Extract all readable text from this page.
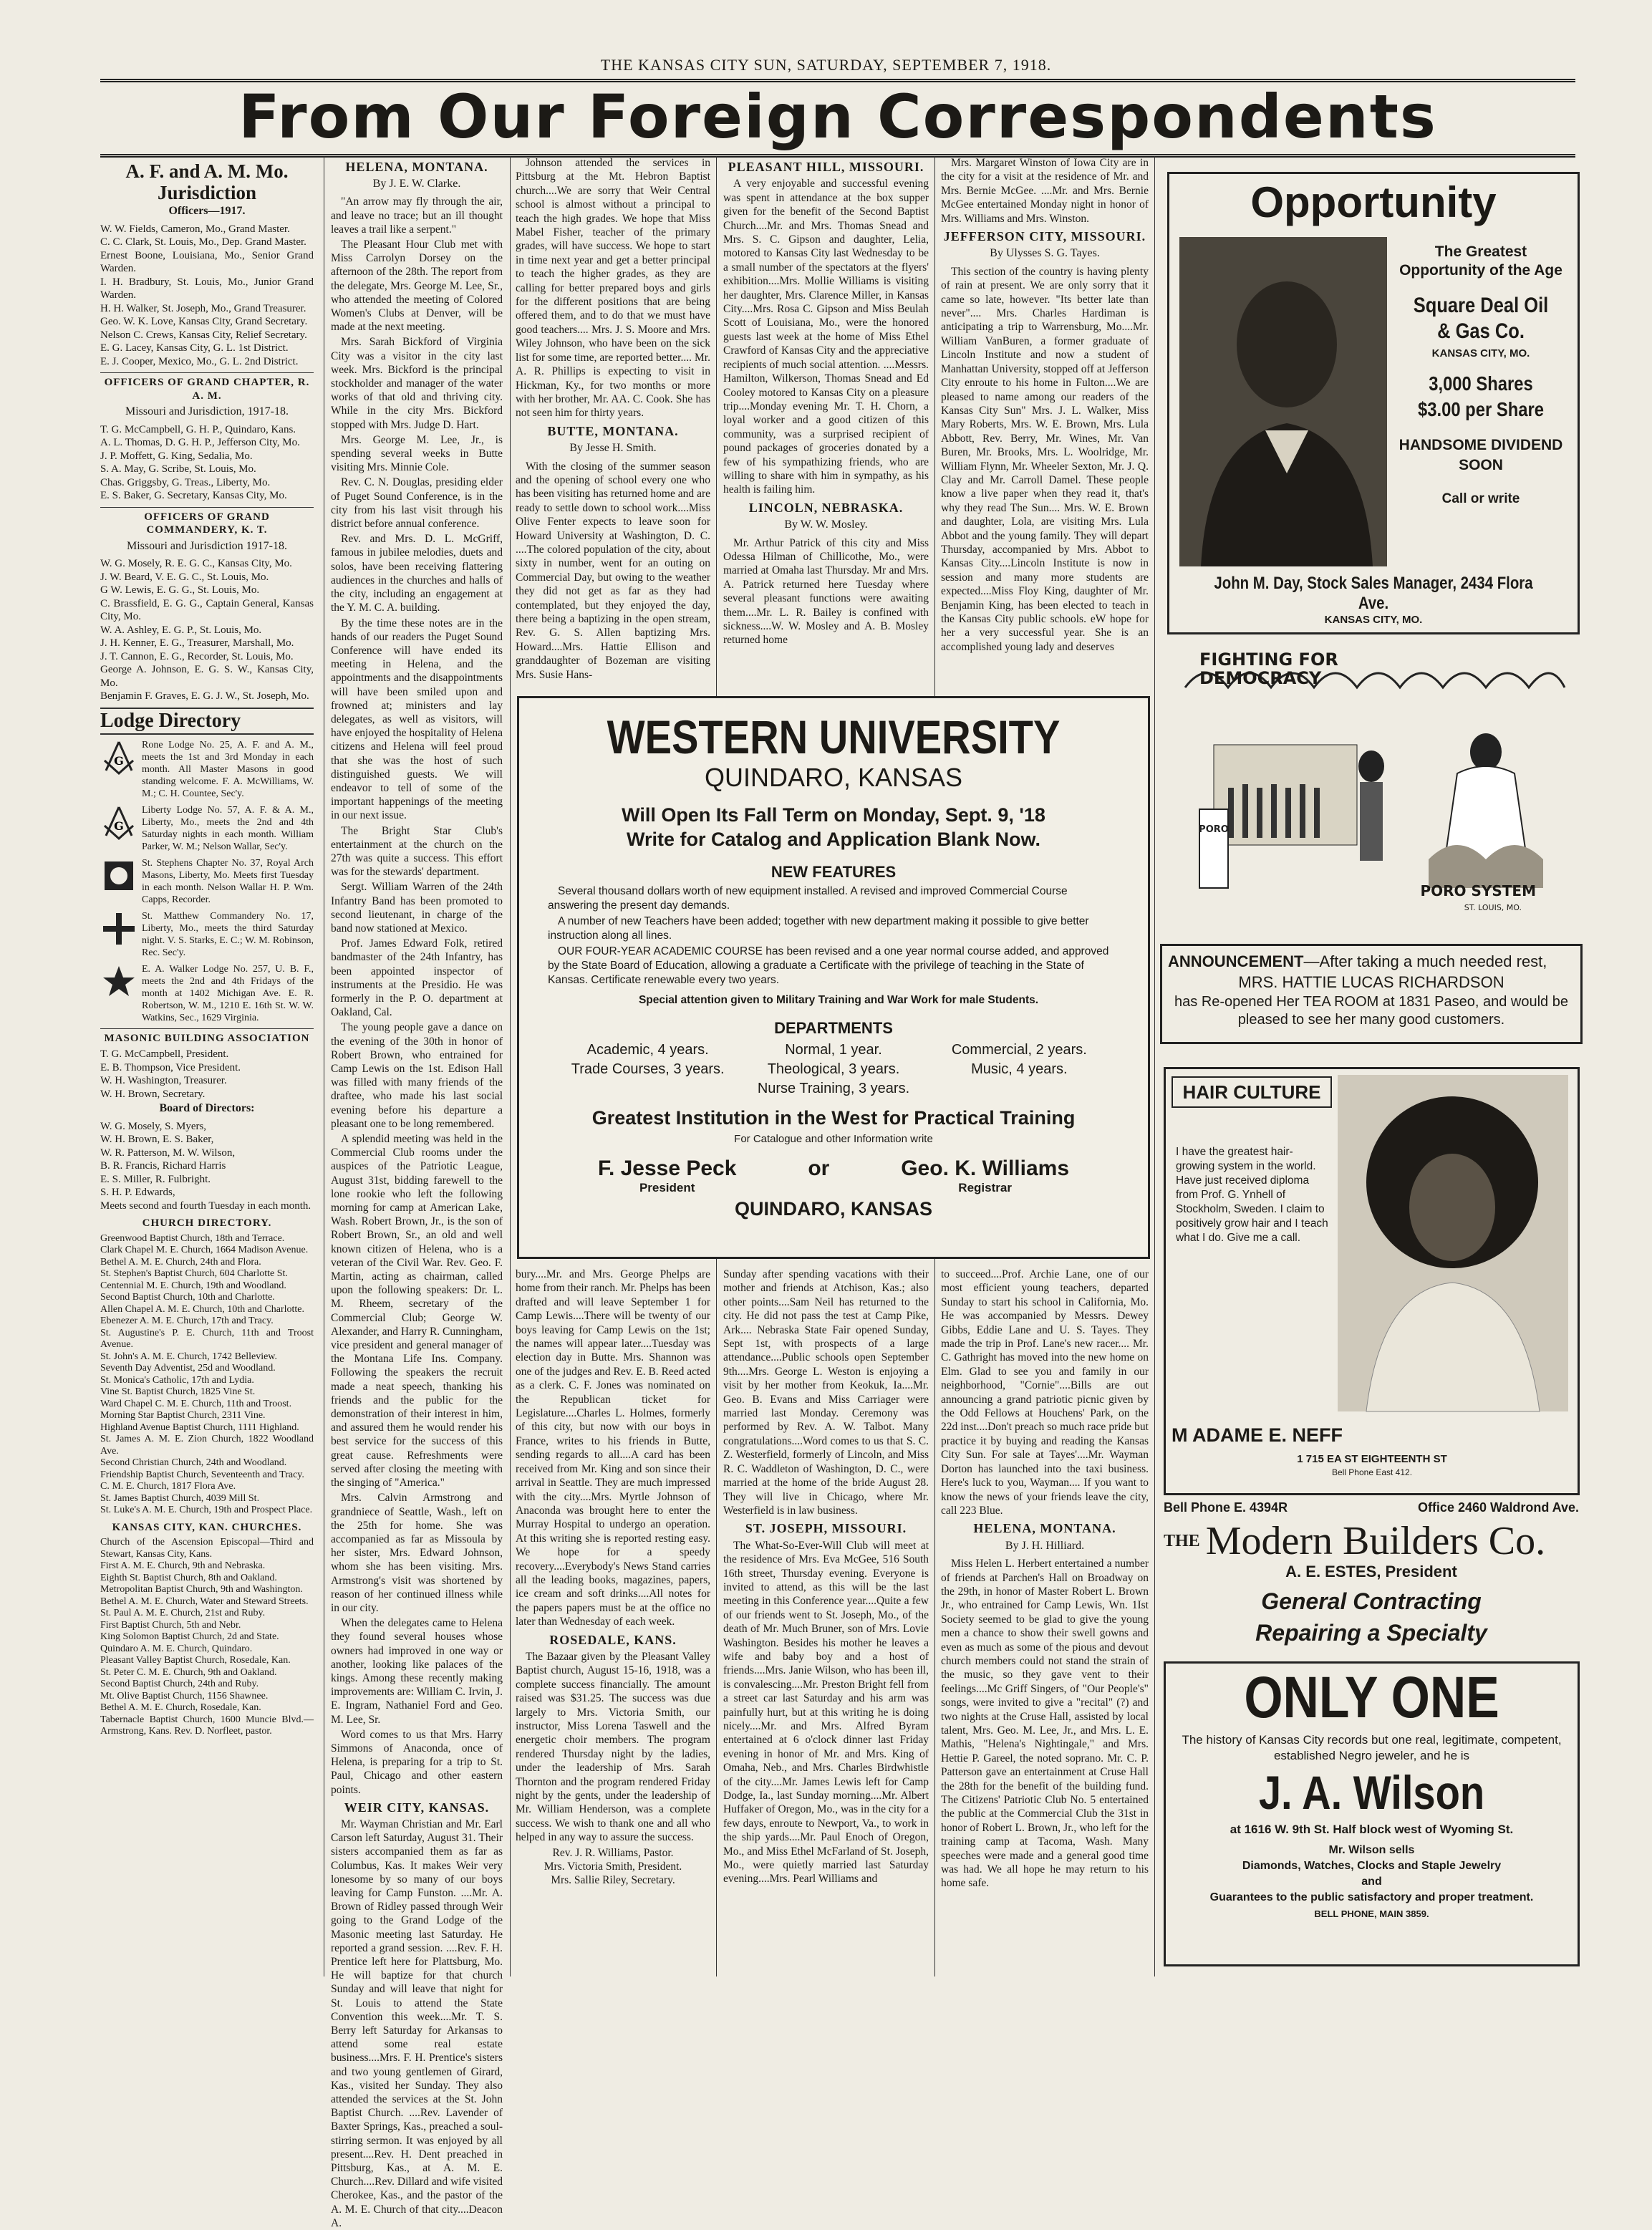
THE KANSAS CITY SUN, SATURDAY, SEPTEMBER 7, 1918.
From Our Foreign Correspondents
A. F. and A. M. Mo. Jurisdiction
Officers—1917.
W. W. Fields, Cameron, Mo., Grand Master.
C. C. Clark, St. Louis, Mo., Dep. Grand Master.
Ernest Boone, Louisiana, Mo., Senior Grand Warden.
I. H. Bradbury, St. Louis, Mo., Junior Grand Warden.
H. H. Walker, St. Joseph, Mo., Grand Treasurer.
Geo. W. K. Love, Kansas City, Grand Secretary.
Nelson C. Crews, Kansas City, Relief Secretary.
E. G. Lacey, Kansas City, G. L. 1st District.
E. J. Cooper, Mexico, Mo., G. L. 2nd District.
OFFICERS OF GRAND CHAPTER, R. A. M.
Missouri and Jurisdiction, 1917-18.
T. G. McCampbell, G. H. P., Quindaro, Kans.
A. L. Thomas, D. G. H. P., Jefferson City, Mo.
J. P. Moffett, G. King, Sedalia, Mo.
S. A. May, G. Scribe, St. Louis, Mo.
Chas. Griggsby, G. Treas., Liberty, Mo.
E. S. Baker, G. Secretary, Kansas City, Mo.
OFFICERS OF GRAND COMMANDERY, K. T.
Missouri and Jurisdiction 1917-18.
W. G. Mosely, R. E. G. C., Kansas City, Mo.
J. W. Beard, V. E. G. C., St. Louis, Mo.
G W. Lewis, E. G. G., St. Louis, Mo.
C. Brassfield, E. G. G., Captain General, Kansas City, Mo.
W. A. Ashley, E. G. P., St. Louis, Mo.
J. H. Kenner, E. G., Treasurer, Marshall, Mo.
J. T. Cannon, E. G., Recorder, St. Louis, Mo.
George A. Johnson, E. G. S. W., Kansas City, Mo.
Benjamin F. Graves, E. G. J. W., St. Joseph, Mo.
Lodge Directory
G
Rone Lodge No. 25, A. F. and A. M., meets the 1st and 3rd Monday in each month. All Master Masons in good standing welcome. F. A. McWilliams, W. M.; C. H. Countee, Sec'y.
G
Liberty Lodge No. 57, A. F. & A. M., Liberty, Mo., meets the 2nd and 4th Saturday nights in each month. William Parker, W. M.; Nelson Wallar, Sec'y.
St. Stephens Chapter No. 37, Royal Arch Masons, Liberty, Mo. Meets first Tuesday in each month. Nelson Wallar H. P. Wm. Capps, Recorder.
St. Matthew Commandery No. 17, Liberty, Mo., meets the third Saturday night. V. S. Starks, E. C.; W. M. Robinson, Rec. Sec'y.
E. A. Walker Lodge No. 257, U. B. F., meets the 2nd and 4th Fridays of the month at 1402 Michigan Ave. E. R. Robertson, W. M., 1210 E. 16th St. W. W. Watkins, Sec., 1629 Virginia.
MASONIC BUILDING ASSOCIATION
T. G. McCampbell, President.
E. B. Thompson, Vice President.
W. H. Washington, Treasurer.
W. H. Brown, Secretary.
Board of Directors:
W. G. Mosely, S. Myers,
W. H. Brown, E. S. Baker,
W. R. Patterson, M. W. Wilson,
B. R. Francis, Richard Harris
E. S. Miller, R. Fulbright.
S. H. P. Edwards,
Meets second and fourth Tuesday in each month.
CHURCH DIRECTORY.
Greenwood Baptist Church, 18th and Terrace.
Clark Chapel M. E. Church, 1664 Madison Avenue.
Bethel A. M. E. Church, 24th and Flora.
St. Stephen's Baptist Church, 604 Charlotte St.
Centennial M. E. Church, 19th and Woodland.
Second Baptist Church, 10th and Charlotte.
Allen Chapel A. M. E. Church, 10th and Charlotte.
Ebenezer A. M. E. Church, 17th and Tracy.
St. Augustine's P. E. Church, 11th and Troost Avenue.
St. John's A. M. E. Church, 1742 Belleview.
Seventh Day Adventist, 25d and Woodland.
St. Monica's Catholic, 17th and Lydia.
Vine St. Baptist Church, 1825 Vine St.
Ward Chapel C. M. E. Church, 11th and Troost.
Morning Star Baptist Church, 2311 Vine.
Highland Avenue Baptist Church, 1111 Highland.
St. James A. M. E. Zion Church, 1822 Woodland Ave.
Second Christian Church, 24th and Woodland.
Friendship Baptist Church, Seventeenth and Tracy.
C. M. E. Church, 1817 Flora Ave.
St. James Baptist Church, 4039 Mill St.
St. Luke's A. M. E. Church, 19th and Prospect Place.
KANSAS CITY, KAN. CHURCHES.
Church of the Ascension Episcopal—Third and Stewart, Kansas City, Kans.
First A. M. E. Church, 9th and Nebraska.
Eighth St. Baptist Church, 8th and Oakland.
Metropolitan Baptist Church, 9th and Washington.
Bethel A. M. E. Church, Water and Steward Streets.
St. Paul A. M. E. Church, 21st and Ruby.
First Baptist Church, 5th and Nebr.
King Solomon Baptist Church, 2d and State.
Quindaro A. M. E. Church, Quindaro.
Pleasant Valley Baptist Church, Rosedale, Kan.
St. Peter C. M. E. Church, 9th and Oakland.
Second Baptist Church, 24th and Ruby.
Mt. Olive Baptist Church, 1156 Shawnee.
Bethel A. M. E. Church, Rosedale, Kan.
Tabernacle Baptist Church, 1600 Muncie Blvd.—Armstrong, Kans. Rev. D. Norfleet, pastor.
HELENA, MONTANA.
By J. E. W. Clarke.

"An arrow may fly through the air, and leave no trace; but an ill thought leaves a trail like a serpent."

The Pleasant Hour Club met with Miss Carrolyn Dorsey on the afternoon of the 28th. The report from the delegate, Mrs. George M. Lee, Sr., who attended the meeting of Colored Women's Clubs at Denver, will be made at the next meeting.

Mrs. Sarah Bickford of Virginia City was a visitor in the city last week. Mrs. Bickford is the principal stockholder and manager of the water works of that old and thriving city. While in the city Mrs. Bickford stopped with Mrs. Judge D. Hart.

Mrs. George M. Lee, Jr., is spending several weeks in Butte visiting Mrs. Minnie Cole.

Rev. C. N. Douglas, presiding elder of Puget Sound Conference, is in the city from his last visit through his district before annual conference.

Rev. and Mrs. D. L. McGriff, famous in jubilee melodies, duets and solos, have been receiving flattering audiences in the churches and halls of the city, including an engagement at the Y. M. C. A. building.

By the time these notes are in the hands of our readers the Puget Sound Conference will have ended its meeting in Helena, and the appointments and the disappointments will have been smiled upon and frowned at; ministers and lay delegates, as well as visitors, will have enjoyed the hospitality of Helena citizens and Helena will feel proud that she was the host of such distinguished guests. We will endeavor to tell of some of the important happenings of the meeting in our next issue.

The Bright Star Club's entertainment at the church on the 27th was quite a success. This effort was for the stewards' department.

Sergt. William Warren of the 24th Infantry Band has been promoted to second lieutenant, in charge of the band now stationed at Mexico.

Prof. James Edward Folk, retired bandmaster of the 24th Infantry, has been appointed inspector of instruments at the Presidio. He was formerly in the P. O. department at Oakland, Cal.

The young people gave a dance on the evening of the 30th in honor of Robert Brown, who entrained for Camp Lewis on the 1st. Edison Hall was filled with many friends of the draftee, who made his last social evening before his departure a pleasant one to be long remembered.

A splendid meeting was held in the Commercial Club rooms under the auspices of the Patriotic League, August 31st, bidding farewell to the lone rookie who left the following morning for camp at American Lake, Wash. Robert Brown, Jr., is the son of Robert Brown, Sr., an old and well known citizen of Helena, who is a veteran of the Civil War. Rev. Geo. F. Martin, acting as chairman, called upon the following speakers: Dr. L. M. Rheem, secretary of the Commercial Club; George W. Alexander, and Harry R. Cunningham, vice president and general manager of the Montana Life Ins. Company. Following the speakers the recruit made a neat speech, thanking his friends and the public for the demonstration of their interest in him, and assured them he would render his best service for the success of this great cause. Refreshments were served after closing the meeting with the singing of "America."

Mrs. Calvin Armstrong and grandniece of Seattle, Wash., left on the 25th for home. She was accompanied as far as Missoula by her sister, Mrs. Edward Johnson, whom she has been visiting. Mrs. Armstrong's visit was shortened by reason of her continued illness while in our city.

When the delegates came to Helena they found several houses whose owners had improved in one way or another, looking like palaces of the kings. Among these recently making improvements are: William C. Irvin, J. E. Ingram, Nathaniel Ford and Geo. M. Lee, Sr.

Word comes to us that Mrs. Harry Simmons of Anaconda, once of Helena, is preparing for a trip to St. Paul, Chicago and other eastern points.

WEIR CITY, KANSAS.

Mr. Wayman Christian and Mr. Earl Carson left Saturday, August 31. Their sisters accompanied them as far as Columbus, Kas. It makes Weir very lonesome by so many of our boys leaving for Camp Funston. ....Mr. A. Brown of Ridley passed through Weir going to the Grand Lodge of the Masonic meeting last Saturday. He reported a grand session. ....Rev. F. H. Prentice left here for Plattsburg, Mo. He will baptize for that church Sunday and will leave that night for St. Louis to attend the State Convention this week....Mr. T. S. Berry left Saturday for Arkansas to attend some real estate business....Mrs. F. H. Prentice's sisters and two young gentlemen of Girard, Kas., visited her Sunday. They also attended the services at the St. John Baptist Church. ....Rev. Lavender of Baxter Springs, Kas., preached a soul-stirring sermon. It was enjoyed by all present....Rev. H. Dent preached in Pittsburg, Kas., at A. M. E. Church....Rev. Dillard and wife visited Cherokee, Kas., and the pastor of the A. M. E. Church of that city....Deacon A.

Johnson attended the services in Pittsburg at the Mt. Hebron Baptist church....We are sorry that Weir Central school is almost without a principal to teach the high grades. We hope that Miss Mabel Fisher, teacher of the primary grades, will have success. We hope to start in time next year and get a better principal to teach the higher grades, as they are calling for better prepared boys and girls for the different positions that are being offered them, and to do that we must have good teachers.... Mrs. J. S. Moore and Mrs. Wiley Johnson, who have been on the sick list for some time, are reported better.... Mr. A. R. Phillips is expecting to visit in Hickman, Ky., for two months or more with her brother, Mr. AA. C. Cook. She has not seen him for thirty years.

BUTTE, MONTANA.
By Jesse H. Smith.

With the closing of the summer season and the opening of school every one who has been visiting has returned home and are ready to settle down to school work....Miss Olive Fenter expects to leave soon for Howard University at Washington, D. C. ....The colored population of the city, about sixty in number, went for an outing on Commercial Day, but owing to the weather they did not get as far as they had contemplated, but they enjoyed the day, there being a baptizing in the open stream, Rev. G. S. Allen baptizing Mrs. Howard....Mrs. Hattie Ellison and granddaughter of Bozeman are visiting Mrs. Susie Hans-

PLEASANT HILL, MISSOURI.

A very enjoyable and successful evening was spent in attendance at the box supper given for the benefit of the Second Baptist Church....Mr. and Mrs. Thomas Snead and Mrs. S. C. Gipson and daughter, Lelia, motored to Kansas City last Wednesday to be a small number of the spectators at the flyers' exhibition....Mrs. Mollie Williams is visiting her daughter, Mrs. Clarence Miller, in Kansas City....Mrs. Rosa C. Gipson and Miss Beulah Scott of Louisiana, Mo., were the honored guests last week at the home of Miss Ethel Crawford of Kansas City and the appreciative recipients of much social attention. ....Messrs. Hamilton, Wilkerson, Thomas Snead and Ed Cooley motored to Kansas City on a pleasure trip....Monday evening Mr. T. H. Chorn, a loyal worker and a good citizen of this community, was a surprised recipient of pound packages of groceries donated by a few of his sympathizing friends, who are willing to share with him in sympathy, as his health is failing him.

LINCOLN, NEBRASKA.
By W. W. Mosley.

Mr. Arthur Patrick of this city and Miss Odessa Hilman of Chillicothe, Mo., were married at Omaha last Thursday. Mr and Mrs. A. Patrick returned here Tuesday where several pleasant functions were awaiting them....Mr. L. R. Bailey is confined with sickness....W. W. Mosley and A. B. Mosley returned home

Mrs. Margaret Winston of Iowa City are in the city for a visit at the residence of Mr. and Mrs. Bernie McGee. ....Mr. and Mrs. Bernie McGee entertained Monday night in honor of Mrs. Williams and Mrs. Winston.

JEFFERSON CITY, MISSOURI.
By Ulysses S. G. Tayes.

This section of the country is having plenty of rain at present. We are only sorry that it came so late, however. "Its better late than never".... Mrs. Charles Hardiman is anticipating a trip to Warrensburg, Mo....Mr. William VanBuren, a former graduate of Lincoln Institute and now a student of Manhattan University, stopped off at Jefferson City enroute to his home in Fulton....We are pleased to name among our readers of the Kansas City Sun" Mrs. J. L. Walker, Miss Mary Roberts, Mrs. W. E. Brown, Mrs. Lula Abbott, Rev. Berry, Mr. Wines, Mr. Van Buren, Mr. Brooks, Mrs. L. Woolridge, Mr. William Flynn, Mr. Wheeler Sexton, Mr. J. Q. Clay and Mr. Carroll Damel. These people know a live paper when they read it, that's why they read The Sun.... Mrs. W. E. Brown and daughter, Lola, are visiting Mrs. Lula Abbot and the young family. They will depart Thursday, accompanied by Mrs. Abbot to Kansas City....Lincoln Institute is now in session and many more students are expected....Miss Floy King, daughter of Mr. Benjamin King, has been elected to teach in the Kansas City public schools. eW hope for her a very successful year. She is an accomplished young lady and deserves

WESTERN UNIVERSITY
QUINDARO, KANSAS
Will Open Its Fall Term on Monday, Sept. 9, '18
Write for Catalog and Application Blank Now.
NEW FEATURES

Several thousand dollars worth of new equipment installed. A revised and improved Commercial Course answering the present day demands.

A number of new Teachers have been added; together with new department making it possible to give better instruction along all lines.

OUR FOUR-YEAR ACADEMIC COURSE has been revised and a one year normal course added, and approved by the State Board of Education, allowing a graduate a Certificate with the privilege of teaching in the State of Kansas. Certificate renewable every two years.

Special attention given to Military Training and War Work for male Students.

DEPARTMENTS
Academic, 4 years.	Normal, 1 year.	Commercial, 2 years.
Trade Courses, 3 years.	Theological, 3 years.	Music, 4 years.
Nurse Training, 3 years.
Greatest Institution in the West for Practical Training
For Catalogue and other Information write
F. Jesse Peck
President
or	Geo. K. Williams
Registrar
QUINDARO, KANSAS

bury....Mr. and Mrs. George Phelps are home from their ranch. Mr. Phelps has been drafted and will leave September 1 for Camp Lewis....There will be twenty of our boys leaving for Camp Lewis on the 1st; the names will appear later....Tuesday was election day in Butte. Mrs. Shannon was one of the judges and Rev. E. B. Reed acted as a clerk. C. F. Jones was nominated on the Republican ticket for Legislature....Charles L. Holmes, formerly of this city, but now with our boys in France, writes to his friends in Butte, sending regards to all....A card has been received from Mr. King and son since their arrival in Seattle. They are much impressed with the city....Mrs. Myrtle Johnson of Anaconda was brought here to enter the Murray Hospital to undergo an operation. At this writing she is reported resting easy. We hope for a speedy recovery....Everybody's News Stand carries all the leading books, magazines, papers, ice cream and soft drinks....All notes for the papers papers must be at the office no later than Wednesday of each week.

ROSEDALE, KANS.

The Bazaar given by the Pleasant Valley Baptist church, August 15-16, 1918, was a complete success financially. The amount raised was $31.25. The success was due largely to Mrs. Victoria Smith, our instructor, Miss Lorena Taswell and the energetic choir members. The program rendered Thursday night by the ladies, under the leadership of Mrs. Sarah Thornton and the program rendered Friday night by the gents, under the leadership of Mr. William Henderson, was a complete success. We wish to thank one and all who helped in any way to assure the success.

Rev. J. R. Williams, Pastor.
Mrs. Victoria Smith, President.
Mrs. Sallie Riley, Secretary.

Sunday after spending vacations with their mother and friends at Atchison, Kas.; also other points....Sam Neil has returned to the city. He did not pass the test at Camp Pike, Ark.... Nebraska State Fair opened Sunday, Sept 1st, with prospects of a large attendance....Public schools open September 9th....Mrs. George L. Weston is enjoying a visit by her mother from Keokuk, Ia....Mr. Geo. B. Evans and Miss Carriager were married last Monday. Ceremony was performed by Rev. A. W. Talbot. Many congratulations....Word comes to us that S. C. Z. Westerfield, formerly of Lincoln, and Miss R. C. Waddleton of Washington, D. C., were married at the home of the bride August 28. They will live in Chicago, where Mr. Westerfield is in law business.

ST. JOSEPH, MISSOURI.

The What-So-Ever-Will Club will meet at the residence of Mrs. Eva McGee, 516 South 16th street, Thursday evening. Everyone is invited to attend, as this will be the last meeting in this Conference year....Quite a few of our friends went to St. Joseph, Mo., of the death of Mr. Much Bruner, son of Mrs. Lovie Washington. Besides his mother he leaves a wife and baby boy and a host of friends....Mrs. Janie Wilson, who has been ill, is convalescing....Mr. Preston Bright fell from a street car last Saturday and his arm was painfully hurt, but at this writing he is doing nicely....Mr. and Mrs. Alfred Byram entertained at 6 o'clock dinner last Friday evening in honor of Mr. and Mrs. King of Omaha, Neb., and Mrs. Charles Birdwhistle of the city....Mr. James Lewis left for Camp Dodge, Ia., last Sunday morning....Mr. Albert Huffaker of Oregon, Mo., was in the city for a few days, enroute to Newport, Va., to work in the ship yards....Mr. Paul Enoch of Oregon, Mo., and Miss Ethel McFarland of St. Joseph, Mo., were quietly married last Saturday evening....Mrs. Pearl Williams and

to succeed....Prof. Archie Lane, one of our most efficient young teachers, departed Sunday to start his school in California, Mo. He was accompanied by Messrs. Dewey Gibbs, Eddie Lane and U. S. Tayes. They made the trip in Prof. Lane's new racer.... Mr. C. Gathright has moved into the new home on Elm. Glad to see you and family in our neighborhood, "Cornie"....Bills are out announcing a grand patriotic picnic given by the Odd Fellows at Houchens' Park, on the 22d inst....Don't preach so much race pride but practice it by buying and reading the Kansas City Sun. For sale at Tayes'....Mr. Wayman Dorton has launched into the taxi business. Here's luck to you, Wayman.... If you want to know the news of your friends leave the city, call 223 Blue.

HELENA, MONTANA.
By J. H. Hilliard.

Miss Helen L. Herbert entertained a number of friends at Parchen's Hall on Broadway on the 29th, in honor of Master Robert L. Brown Jr., who entrained for Camp Lewis, Wn. 1Ist Society seemed to be glad to give the young men a chance to show their swell gowns and even as much as some of the pious and devout church members could not stand the strain of the music, so they gave vent to their feelings....Mc Griff Singers, of "Our People's" songs, were invited to give a "recital" (?) and two nights at the Cruse Hall, assisted by local talent, Mrs. Geo. M. Lee, Jr., and Mrs. L. E. Mathis, "Helena's Nightingale," and Mrs. Hettie P. Gareel, the noted soprano. Mr. C. P. Patterson gave an entertainment at Cruse Hall the 28th for the benefit of the building fund. The Citizens' Patriotic Club No. 5 entertained the public at the Commercial Club the 31st in honor of Robert L. Brown, Jr., who left for the training camp at Tacoma, Wash. Many speeches were made and a general good time was had. We all hope he may return to his home safe.

Opportunity
The Greatest Opportunity of the Age
Square Deal Oil & Gas Co.
KANSAS CITY, MO.
3,000 Shares $3.00 per Share
HANDSOME DIVIDEND SOON
Call or write
John M. Day, Stock Sales Manager, 2434 Flora Ave.
KANSAS CITY, MO.
PORO
FIGHTING FOR DEMOCRACY
PORO SYSTEM
ST. LOUIS, MO.
ANNOUNCEMENT—After taking a much needed rest,
MRS. HATTIE LUCAS RICHARDSON
has Re-opened Her TEA ROOM at 1831 Paseo, and would be pleased to see her many good customers.
HAIR CULTURE
I have the greatest hair-growing system in the world. Have just received diploma from Prof. G. Ynhell of Stockholm, Sweden. I claim to positively grow hair and I teach what I do. Give me a call.
M ADAME E. NEFF
1 715 EA ST EIGHTEENTH ST
Bell Phone East 412.
Bell Phone E. 4394R	Office 2460 Waldrond Ave.
THE Modern Builders Co.
A. E. ESTES, President
General Contracting
Repairing a Specialty
ONLY ONE
The history of Kansas City records but one real, legitimate, competent, established Negro jeweler, and he is
J. A. Wilson
at 1616 W. 9th St. Half block west of Wyoming St.
Mr. Wilson sells
Diamonds, Watches, Clocks and Staple Jewelry
and
Guarantees to the public satisfactory and proper treatment.
BELL PHONE, MAIN 3859.
